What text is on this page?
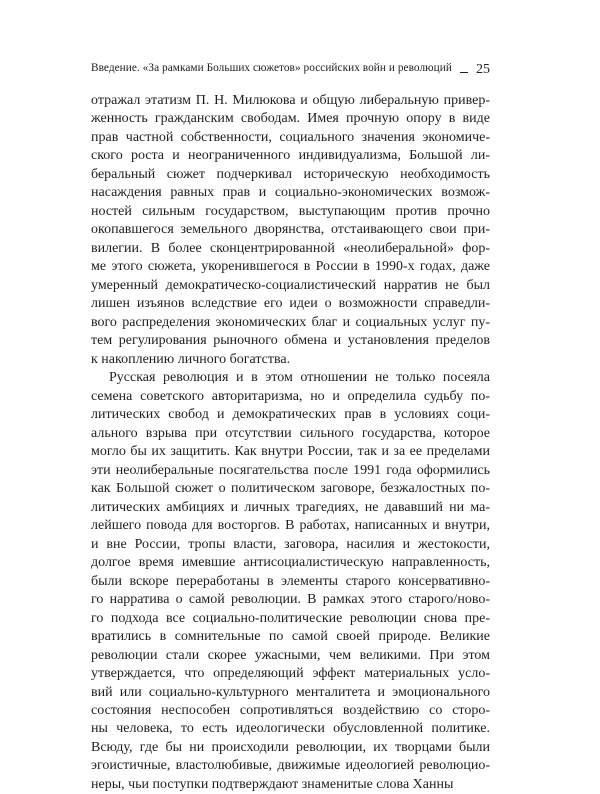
Введение. «За рамками Больших сюжетов» российских войн и революций 25

отражал этатизм П. Н. Милюкова и общую либеральную привер-
женность гражданским свободам. Имея прочную опору в виде
прав частной собственности, социального значения экономиче-
ского роста и неограниченного индивидуализма, Большой ли-
беральный сюжет подчеркивал историческую необходимость
насаждения равных прав и социально-экономических возмож-
ностей сильным государством, выступающим против прочно
окопавшегося земельного дворянства, отстаивающего свои при-
вилегии. В более сконцентрированной «неолиберальной» фор-
ме этого сюжета, укоренившегося в России в 1990-х годах, даже
умеренный демократическо-социалистический нарратив не был
лишен изъянов вследствие его идеи о возможности справедли-
вого распределения экономических благ и социальных услуг пу-
тем регулирования рыночного обмена и установления пределов
к накоплению личного богатства.

Русская революция и в этом отношении не только посеяла
семена советского авторитаризма, но и определила судьбу по-
литических свобод и демократических прав в условиях соци-
ального взрыва при отсутствии сильного государства, которое
могло бы их защитить. Как внутри России, так и за ее пределами
эти неолиберальные посягательства после 1991 года оформились
как Большой сюжет о политическом заговоре, безжалостных по-
литических амбициях и личных трагедиях, не дававший ни ма-
лейшего повода для восторгов. В работах, написанных и внутри,
и вне России, тропы власти, заговора, насилия и жестокости,
долгое время имевшие антисоциалистическую направленность,
были вскоре переработаны в элементы старого консервативно-
го нарратива о самой революции. В рамках этого старого/ново-
го подхода все социально-политические революции снова пре-
вратились в сомнительные по самой своей природе. Великие
революции стали скорее ужасными, чем великими. При этом
утверждается, что определяющий эффект материальных усло-
вий или социально-культурного менталитета и эмоционального
состояния неспособен сопротивляться воздействию со сторо-
ны человека, то есть идеологически обусловленной политике.
Всюду, где бы ни происходили революции, их творцами были
эгоистичные, властолюбивые, движимые идеологией революцио-
неры, чьи поступки подтверждают знаменитые слова Ханны
